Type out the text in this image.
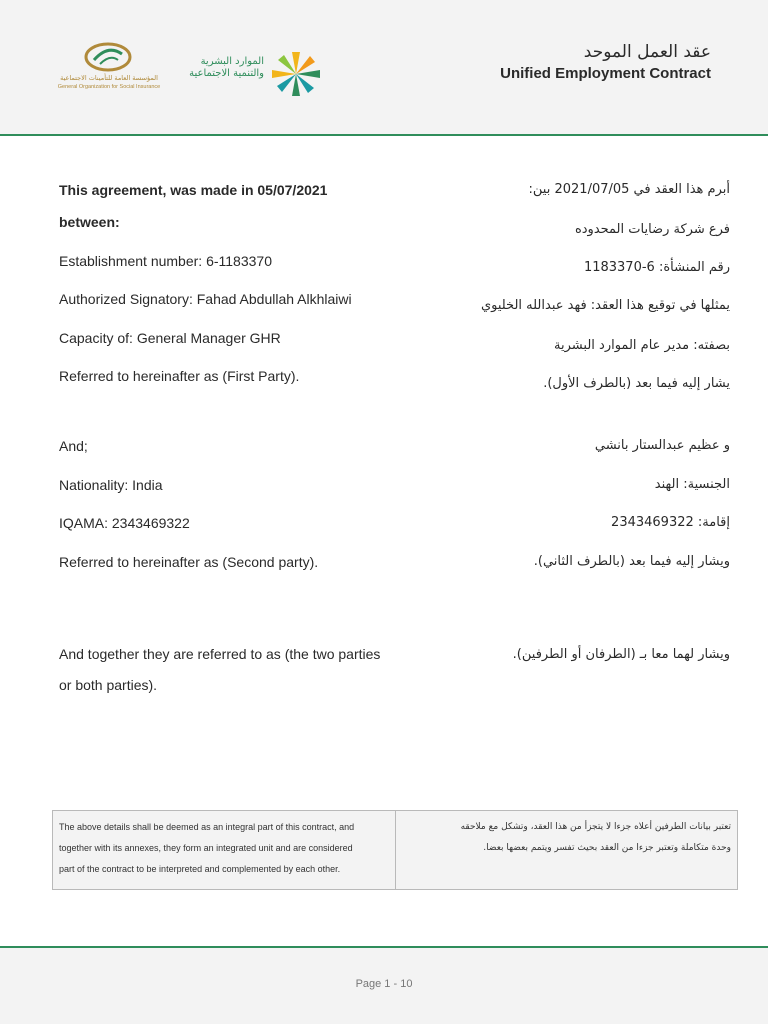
المؤسسة العامة للتأمينات الاجتماعية
General Organization for Social Insurance
الموارد البشرية
والتنمية الاجتماعية
عقد العمل الموحد
Unified Employment Contract
This agreement, was made in 05/07/2021
between:
Establishment number: 6-1183370
Authorized Signatory: Fahad Abdullah Alkhlaiwi
Capacity of: General Manager GHR
Referred to hereinafter as (First Party).
أبرم هذا العقد في 2021/07/05 بين:
فرع شركة رضايات المحدوده
رقم المنشأة: 6-1183370
يمثلها في توقيع هذا العقد: فهد عبدالله الخليوي
بصفته: مدير عام الموارد البشرية
يشار إليه فيما بعد (بالطرف الأول).
And;
Nationality: India
IQAMA: 2343469322
Referred to hereinafter as (Second party).
و عظيم عبدالستار بانشي
الجنسية: الهند
إقامة: 2343469322
ويشار إليه فيما بعد (بالطرف الثاني).
And together they are referred to as (the two parties
or both parties).
ويشار لهما معا بـ (الطرفان أو الطرفين).
The above details shall be deemed as an integral part of this contract, and
together with its annexes, they form an integrated unit and are considered
part of the contract to be interpreted and complemented by each other.
تعتبر بيانات الطرفين أعلاه جزءا لا يتجزأ من هذا العقد، وتشكل مع ملاحقه
وحدة متكاملة وتعتبر جزءا من العقد بحيث تفسر ويتمم بعضها بعضا.
Page 1 - 10
